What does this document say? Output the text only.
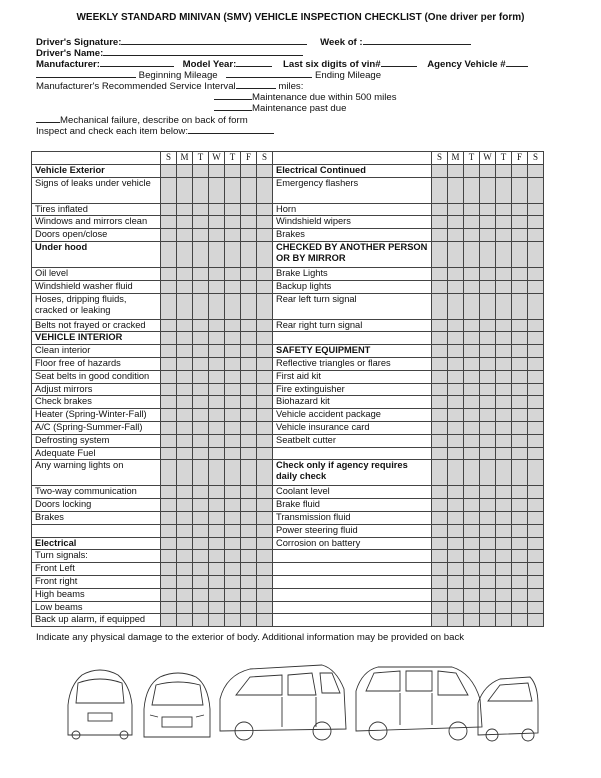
WEEKLY STANDARD MINIVAN (SMV) VEHICLE INSPECTION CHECKLIST (One driver per form)
Driver's Signature:	Week of :
Driver's Name:
Manufacturer:	Model Year:	Last six digits of vin#	Agency Vehicle #
Beginning Mileage	Ending Mileage
Manufacturer's Recommended Service Interval	miles:
Maintenance due within 500 miles
Maintenance past due
Mechanical failure, describe on back of form
Inspect and check each item below:
	S	M	T	W	T	F	S		S	M	T	W	T	F	S
Vehicle Exterior								Electrical Continued							
Signs of leaks under vehicle								Emergency flashers							
Tires inflated								Horn							
Windows and mirrors clean								Windshield wipers							
Doors open/close								Brakes							
Under hood								CHECKED BY ANOTHER PERSON OR BY MIRROR							
Oil level								Brake Lights							
Windshield washer fluid								Backup lights							
Hoses, dripping fluids, cracked or leaking								Rear left turn signal							
Belts not frayed or cracked								Rear right turn signal							
VEHICLE INTERIOR															
Clean interior								SAFETY EQUIPMENT							
Floor free of hazards								Reflective triangles or flares							
Seat belts in good condition								First aid kit							
Adjust mirrors								Fire extinguisher							
Check brakes								Biohazard kit							
Heater (Spring-Winter-Fall)								Vehicle accident package							
A/C (Spring-Summer-Fall)								Vehicle insurance card							
Defrosting system								Seatbelt cutter							
Adequate Fuel															
Any warning lights on								Check only if agency requires daily check							
Two-way communication								Coolant level							
Doors locking								Brake fluid							
Brakes								Transmission fluid							
								Power steering fluid							
Electrical								Corrosion on battery							
Turn signals:															
Front Left															
Front right															
High beams															
Low beams															
Back up alarm, if equipped															
Indicate any physical damage to the exterior of body. Additional information may be provided on back
